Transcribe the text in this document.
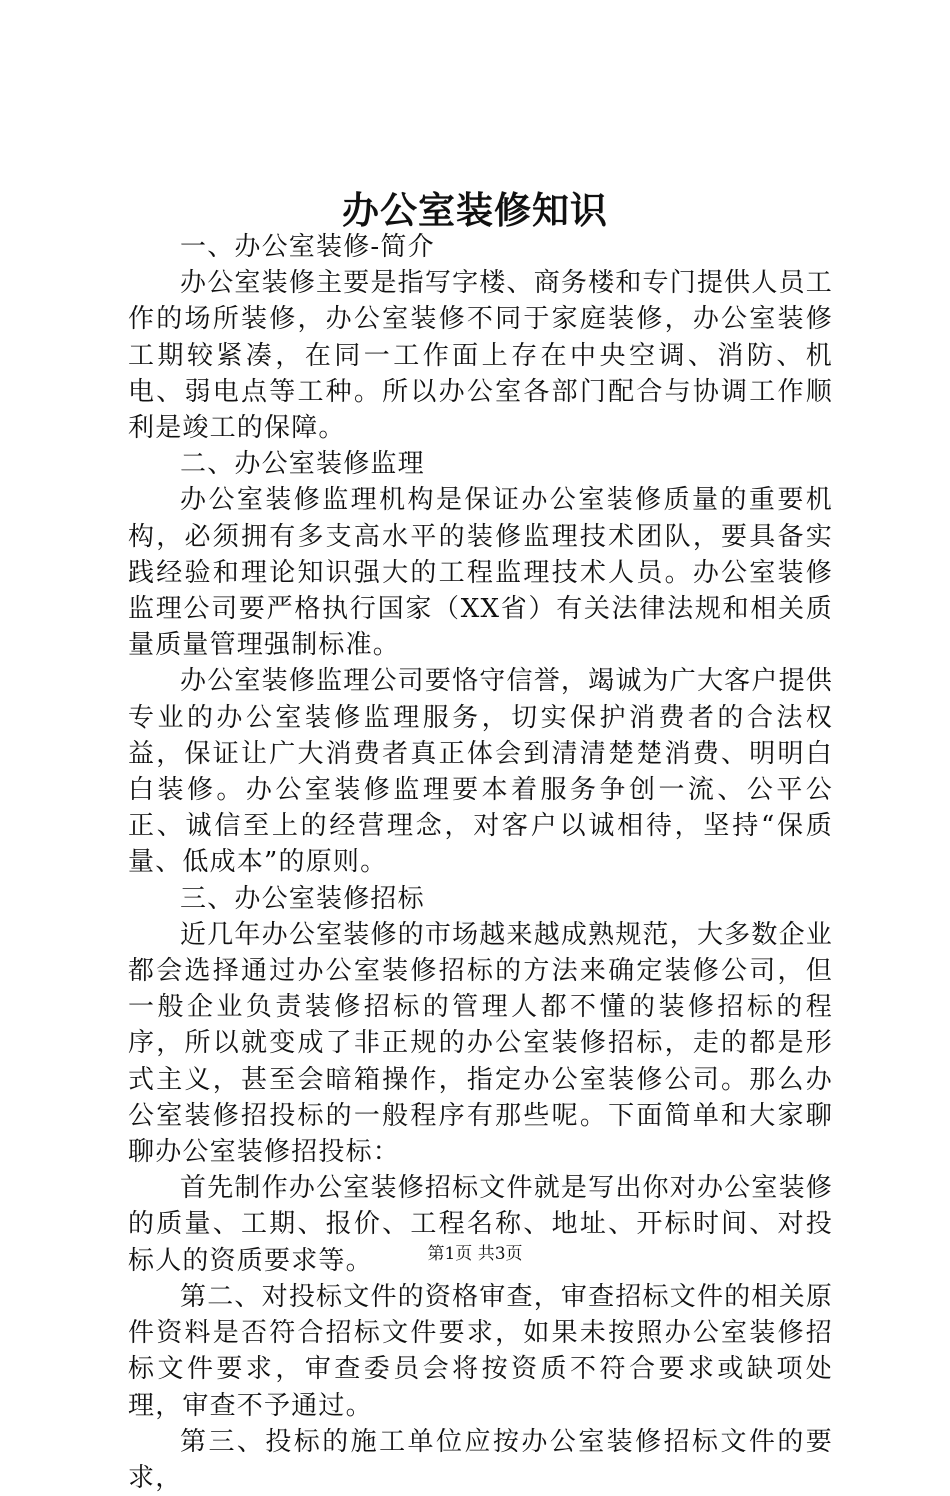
办公室装修知识

一、办公室装修-简介

办公室装修主要是指写字楼、商务楼和专门提供人员工作的场所装修，办公室装修不同于家庭装修，办公室装修工期较紧凑，在同一工作面上存在中央空调、消防、机电、弱电点等工种。所以办公室各部门配合与协调工作顺利是竣工的保障。

二、办公室装修监理

办公室装修监理机构是保证办公室装修质量的重要机构，必须拥有多支高水平的装修监理技术团队，要具备实践经验和理论知识强大的工程监理技术人员。办公室装修监理公司要严格执行国家（XX省）有关法律法规和相关质量质量管理强制标准。

办公室装修监理公司要恪守信誉，竭诚为广大客户提供专业的办公室装修监理服务，切实保护消费者的合法权益，保证让广大消费者真正体会到清清楚楚消费、明明白白装修。办公室装修监理要本着服务争创一流、公平公正、诚信至上的经营理念，对客户以诚相待，坚持“保质量、低成本”的原则。

三、办公室装修招标

近几年办公室装修的市场越来越成熟规范，大多数企业都会选择通过办公室装修招标的方法来确定装修公司，但一般企业负责装修招标的管理人都不懂的装修招标的程序，所以就变成了非正规的办公室装修招标，走的都是形式主义，甚至会暗箱操作，指定办公室装修公司。那么办公室装修招投标的一般程序有那些呢。下面简单和大家聊聊办公室装修招投标：

首先制作办公室装修招标文件就是写出你对办公室装修的质量、工期、报价、工程名称、地址、开标时间、对投标人的资质要求等。

第二、对投标文件的资格审查，审查招标文件的相关原件资料是否符合招标文件要求，如果未按照办公室装修招标文件要求，审查委员会将按资质不符合要求或缺项处理，审查不予通过。

第三、投标的施工单位应按办公室装修招标文件的要求，

第1页 共3页
